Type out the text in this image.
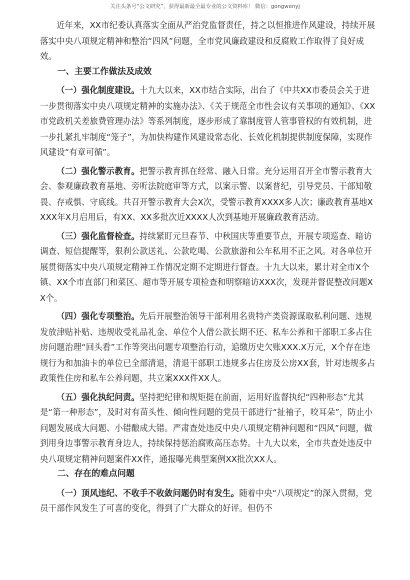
关注头条号“公文研究”，获得最新最全最专业的公文资料库！ 微信：gongwenyj

近年来，XX市纪委认真落实全面从严治党监督责任，持之以恒推进作风建设，持续开展落实中央八项规定精神和整治“四风”问题，全市党风廉政建设和反腐败工作取得了良好成效。

一、主要工作做法及成效

（一）强化制度建设。十九大以来，XX市结合实际，出台了《中共XX市委员会关于进一步贯彻落实中央八项规定精神的实施办法》、《关于规范全市性会议有关事项的通知》、《XX市党政机关差旅费管理办法》等系列制度，逐步形成了靠制度管人管事管权的有效机制，进一步扎紧扎牢制度“笼子”，为加快构建作风建设常态化、长效化机制提供制度保障，实现作风建设“有章可循”。

（二）强化警示教育。把警示教育抓在经常、融入日常。充分运用召开全市警示教育大会、参观廉政教育基地、旁听法院庭审等方式，以案示警、以案普纪，引导党员、干部知敬畏、存戒惧、守底线。共召开警示教育大会X次，受警示教育XXXX多人次；廉政教育基地XXXX年X月启用后，有XX、XX多批次近XXXX人次到基地开展廉政教育活动。

（三）强化监督检查。持续紧盯元旦春节、中秋国庆等重要节点，开展专项巡查、暗访调查、短信提醒等，狠刹公款送礼、公款吃喝、公款旅游和公车私用不正之风。对各单位开展贯彻落实中央八项规定精神工作情况定期不定期进行督查。十九大以来，累计对全市X个镇、XX个市直部门和菜区、超市等开展专项检查和明察暗访XXX次，发现并督促整改问题XX个。

（四）强化专项整治。先后开展整治领导干部利用名贵特产类资源谋取私利问题、违规发放津贴补贴、违规收受礼品礼金、单位个人借公款长期不还、私车公养和干部职工多占住房问题治理“回头看”工作等突出问题专项整治行动，追缴历史欠账XXX.X万元，X个存在违规行为和加油卡的单位已全部清退，清退干部职工违规多占住房及公房XX套，针对违规多占政策性住房和私车公养问题，共立案XXX件XX人。

（五）强化执纪问责。坚持把纪律和规矩挺在前面，运用好监督执纪“四种形态”尤其是“第一种形态”，及时对有苗头性、倾向性问题的党员干部进行“扯袖子，咬耳朵”，防止小问题发展成大问题、小错酿成大错。严肃查处违反中央八项规定精神问题和“四风”问题，做到用身边事警示教育身边人，持续保持惩治腐败高压态势。十九大以来，全市共查处违反中央八项规定精神问题案件XX件，通报曝光典型案例XX批次XX人。

二、存在的难点问题

（一）顶风违纪、不收手不收敛问题仍时有发生。随着中央“八项规定”的深入贯彻，党员干部作风发生了可喜的变化，得到了广大群众的好评。但仍不
